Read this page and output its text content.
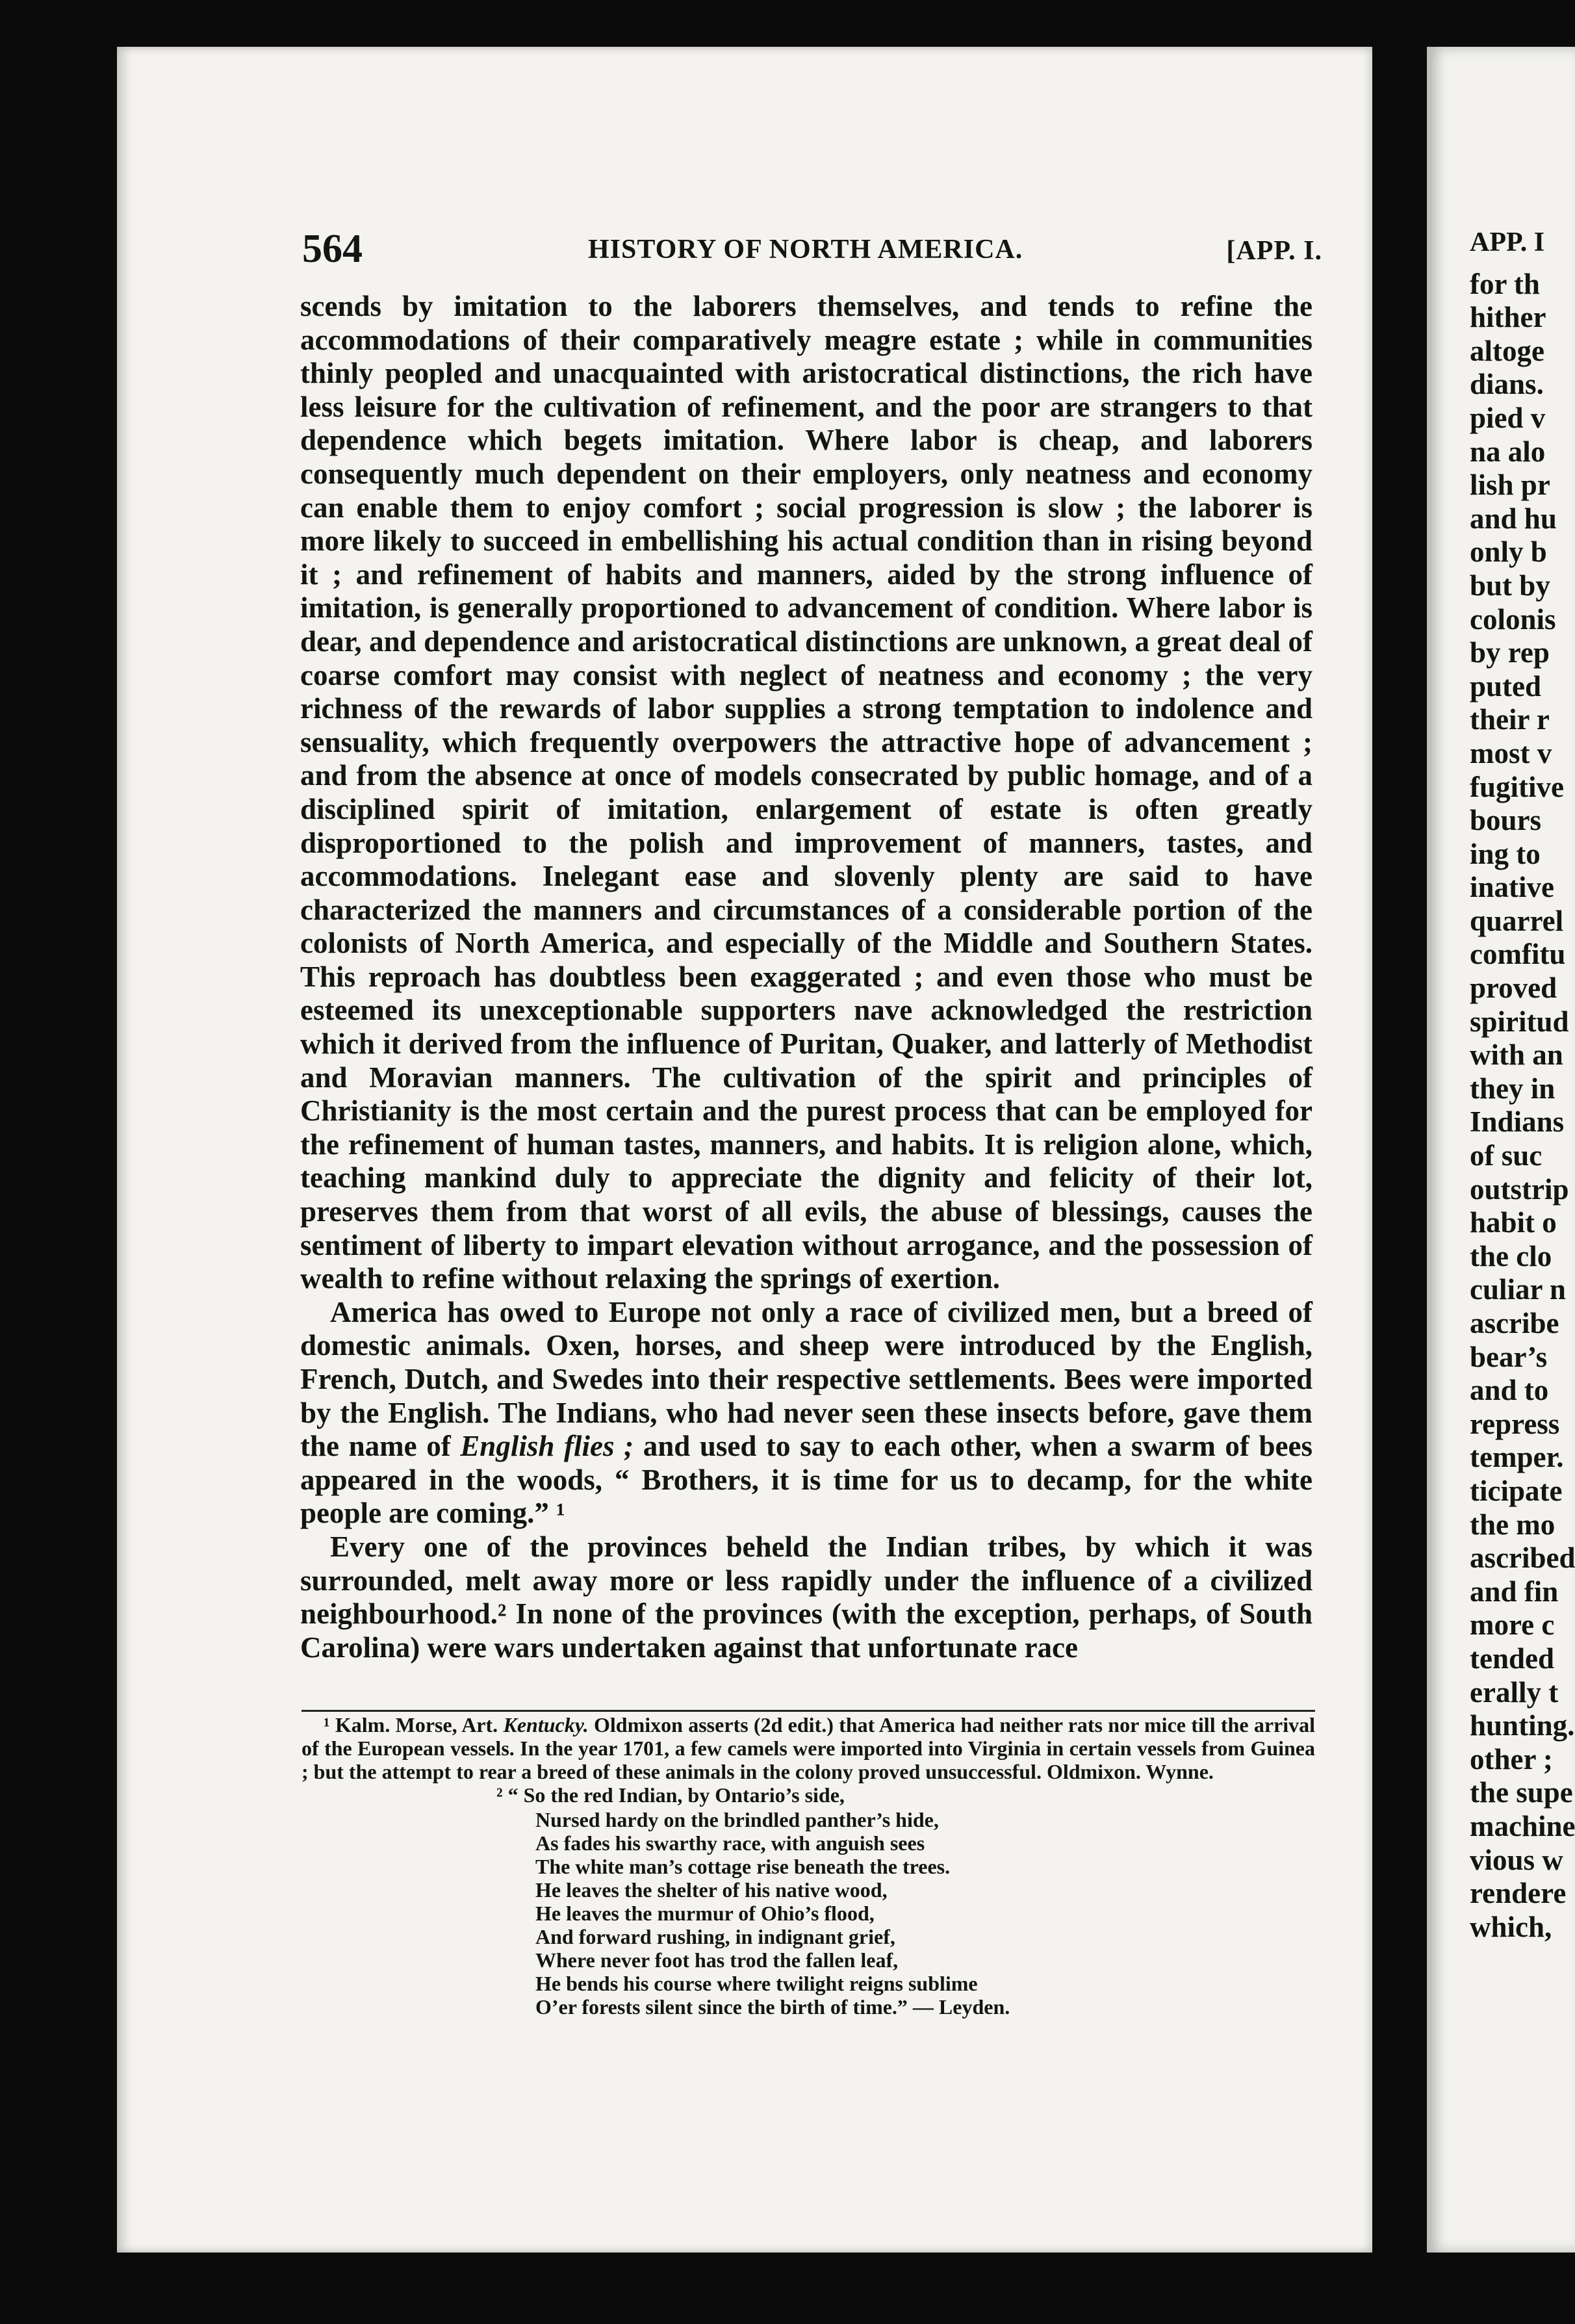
564	HISTORY OF NORTH AMERICA.	[APP. I.

scends by imitation to the laborers themselves, and tends to refine the accommodations of their comparatively meagre estate ; while in communities thinly peopled and unacquainted with aristocratical distinctions, the rich have less leisure for the cultivation of refinement, and the poor are strangers to that dependence which begets imitation. Where labor is cheap, and laborers consequently much dependent on their employers, only neatness and economy can enable them to enjoy comfort ; social progression is slow ; the laborer is more likely to succeed in embellishing his actual condition than in rising beyond it ; and refinement of habits and manners, aided by the strong influence of imitation, is generally proportioned to advancement of condition. Where labor is dear, and dependence and aristocratical distinctions are unknown, a great deal of coarse comfort may consist with neglect of neatness and economy ; the very richness of the rewards of labor supplies a strong temptation to indolence and sensuality, which frequently overpowers the attractive hope of advancement ; and from the absence at once of models consecrated by public homage, and of a disciplined spirit of imitation, enlargement of estate is often greatly disproportioned to the polish and improvement of manners, tastes, and accommodations. Inelegant ease and slovenly plenty are said to have characterized the manners and circumstances of a considerable portion of the colonists of North America, and especially of the Middle and Southern States. This reproach has doubtless been exaggerated ; and even those who must be esteemed its unexceptionable supporters nave acknowledged the restriction which it derived from the influence of Puritan, Quaker, and latterly of Methodist and Moravian manners. The cultivation of the spirit and principles of Christianity is the most certain and the purest process that can be employed for the refinement of human tastes, manners, and habits. It is religion alone, which, teaching mankind duly to appreciate the dignity and felicity of their lot, preserves them from that worst of all evils, the abuse of blessings, causes the sentiment of liberty to impart elevation without arrogance, and the possession of wealth to refine without relaxing the springs of exertion.

America has owed to Europe not only a race of civilized men, but a breed of domestic animals. Oxen, horses, and sheep were introduced by the English, French, Dutch, and Swedes into their respective settlements. Bees were imported by the English. The Indians, who had never seen these insects before, gave them the name of English flies ; and used to say to each other, when a swarm of bees appeared in the woods, “ Brothers, it is time for us to decamp, for the white people are coming.” ¹

Every one of the provinces beheld the Indian tribes, by which it was surrounded, melt away more or less rapidly under the influence of a civilized neighbourhood.² In none of the provinces (with the exception, perhaps, of South Carolina) were wars undertaken against that unfortunate race

¹ Kalm. Morse, Art. Kentucky. Oldmixon asserts (2d edit.) that America had neither rats nor mice till the arrival of the European vessels. In the year 1701, a few camels were imported into Virginia in certain vessels from Guinea ; but the attempt to rear a breed of these animals in the colony proved unsuccessful. Oldmixon. Wynne.

² “ So the red Indian, by Ontario’s side,
Nursed hardy on the brindled panther’s hide,
As fades his swarthy race, with anguish sees
The white man’s cottage rise beneath the trees.
He leaves the shelter of his native wood,
He leaves the murmur of Ohio’s flood,
And forward rushing, in indignant grief,
Where never foot has trod the fallen leaf,
He bends his course where twilight reigns sublime
O’er forests silent since the birth of time.” — Leyden.
APP. I
for th
hither
altoge
dians.
pied v
na alo
lish pr
and hu
only b
but by
colonis
by rep
puted
their r
most v
fugitive
bours
ing to
inative
quarrel
comfitu
proved
spiritud
with an
they in
Indians
of suc
outstrip
habit o
the clo
culiar n
ascribe
bear’s
and to
repress
temper.
ticipate
the mo
ascribed
and fin
more c
tended
erally t
hunting.
other ;
the supe
machine
vious w
rendere
which,
